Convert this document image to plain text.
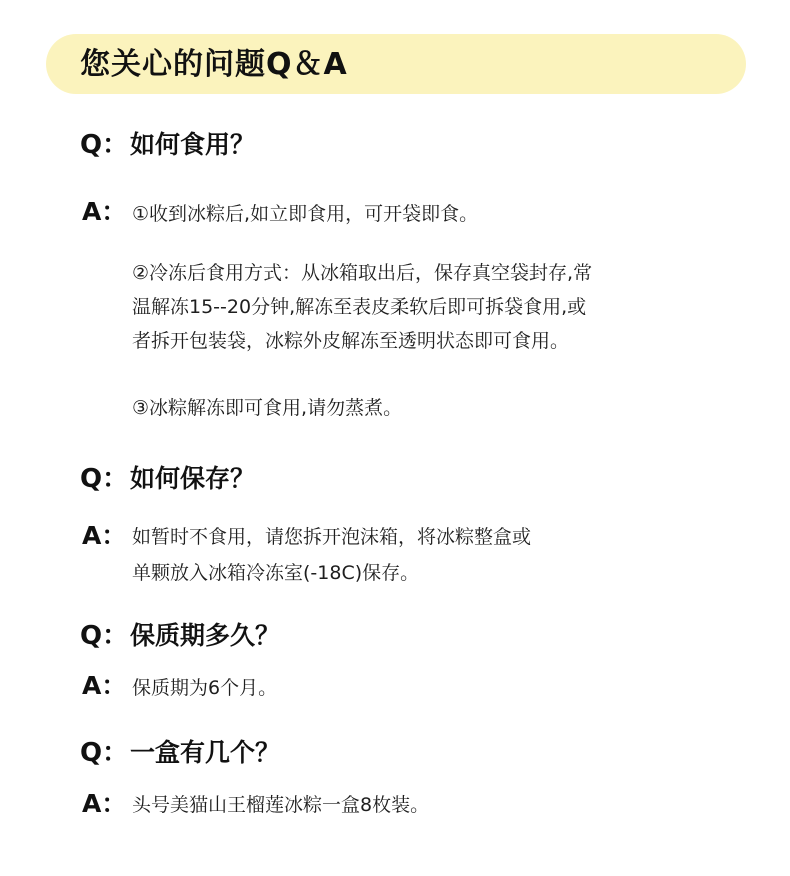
您关心的问题Q＆A
Q：如何食用？
A： ①收到冰粽后,如立即食用，可开袋即食。
②冷冻后食用方式：从冰箱取出后，保存真空袋封存,常
温解冻15--20分钟,解冻至表皮柔软后即可拆袋食用,或
者拆开包装袋，冰粽外皮解冻至透明状态即可食用。
③冰粽解冻即可食用,请勿蒸煮。
Q：如何保存？
A： 如暂时不食用，请您拆开泡沫箱，将冰粽整盒或
单颗放入冰箱冷冻室(-18C)保存。
Q：保质期多久？
A： 保质期为6个月。
Q：一盒有几个？
A： 头号美猫山王榴莲冰粽一盒8枚装。
